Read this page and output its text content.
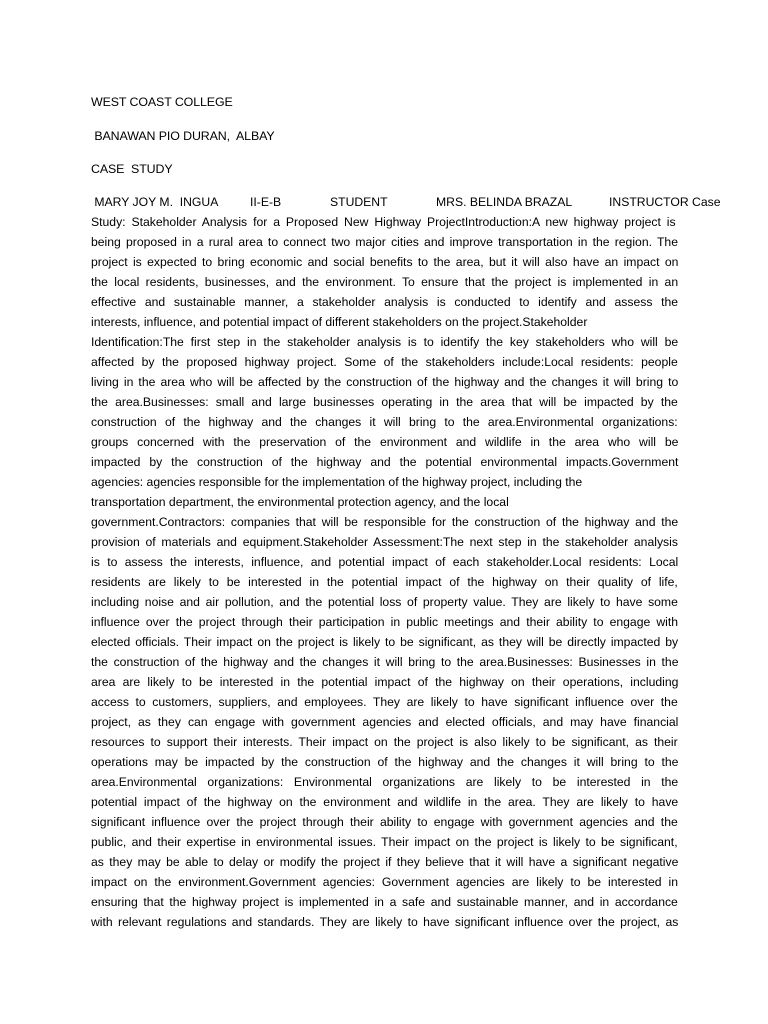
WEST COAST COLLEGE
BANAWAN PIO DURAN,  ALBAY
CASE  STUDY
MARY JOY M.  INGUA	II-E-B	STUDENT	MRS. BELINDA BRAZAL	INSTRUCTOR Case
Study: Stakeholder Analysis for a Proposed New Highway ProjectIntroduction:A new highway project is
being proposed in a rural area to connect two major cities and improve transportation in the region. The
project is expected to bring economic and social benefits to the area, but it will also have an impact on
the local residents, businesses, and the environment. To ensure that the project is implemented in an
effective and sustainable manner, a stakeholder analysis is conducted to identify and assess the
interests, influence, and potential impact of different stakeholders on the project.Stakeholder
Identification:The first step in the stakeholder analysis is to identify the key stakeholders who will be
affected by the proposed highway project. Some of the stakeholders include:Local residents: people
living in the area who will be affected by the construction of the highway and the changes it will bring to
the area.Businesses: small and large businesses operating in the area that will be impacted by the
construction of the highway and the changes it will bring to the area.Environmental organizations:
groups concerned with the preservation of the environment and wildlife in the area who will be
impacted by the construction of the highway and the potential environmental impacts.Government
agencies: agencies responsible for the implementation of the highway project, including the
transportation department, the environmental protection agency, and the local
government.Contractors: companies that will be responsible for the construction of the highway and the
provision of materials and equipment.Stakeholder Assessment:The next step in the stakeholder analysis
is to assess the interests, influence, and potential impact of each stakeholder.Local residents: Local
residents are likely to be interested in the potential impact of the highway on their quality of life,
including noise and air pollution, and the potential loss of property value. They are likely to have some
influence over the project through their participation in public meetings and their ability to engage with
elected officials. Their impact on the project is likely to be significant, as they will be directly impacted by
the construction of the highway and the changes it will bring to the area.Businesses: Businesses in the
area are likely to be interested in the potential impact of the highway on their operations, including
access to customers, suppliers, and employees. They are likely to have significant influence over the
project, as they can engage with government agencies and elected officials, and may have financial
resources to support their interests. Their impact on the project is also likely to be significant, as their
operations may be impacted by the construction of the highway and the changes it will bring to the
area.Environmental organizations: Environmental organizations are likely to be interested in the
potential impact of the highway on the environment and wildlife in the area. They are likely to have
significant influence over the project through their ability to engage with government agencies and the
public, and their expertise in environmental issues. Their impact on the project is likely to be significant,
as they may be able to delay or modify the project if they believe that it will have a significant negative
impact on the environment.Government agencies: Government agencies are likely to be interested in
ensuring that the highway project is implemented in a safe and sustainable manner, and in accordance
with relevant regulations and standards. They are likely to have significant influence over the project, as
